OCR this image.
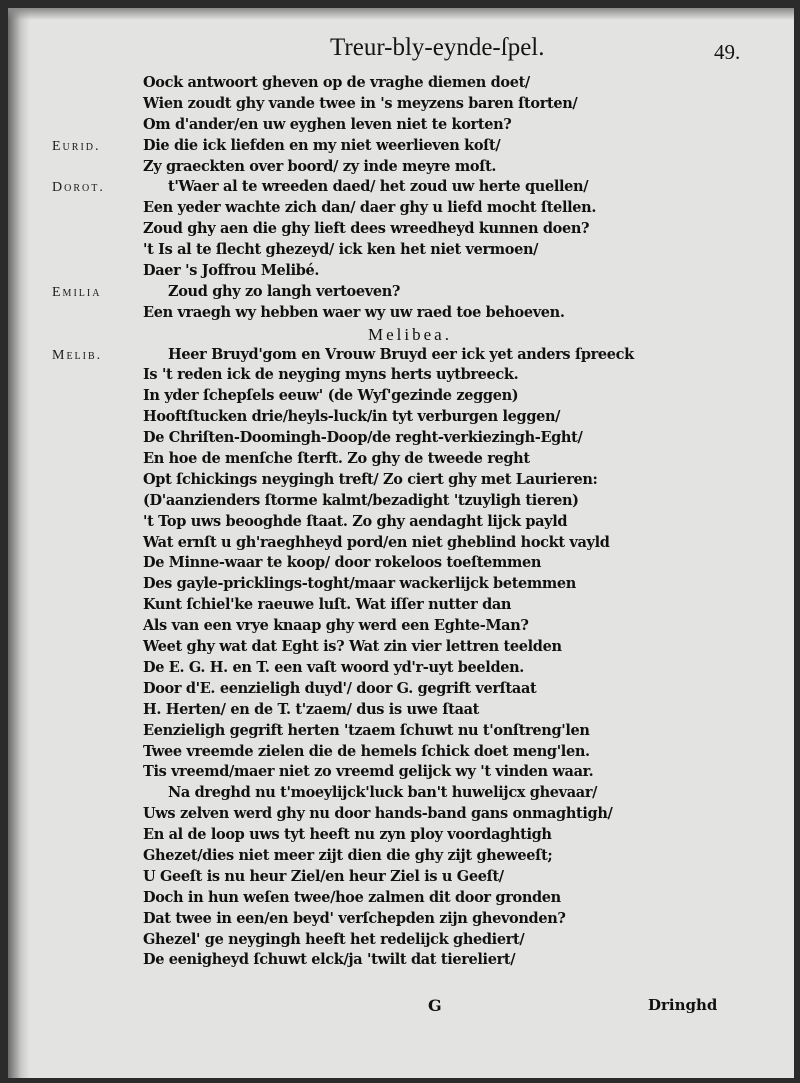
Treur-bly-eynde-ſpel.	49.
Oock antwoort gheven op de vraghe diemen doet/
Wien zoudt ghy vande twee in 's meyzens baren ſtorten/
Om d'ander/en uw eyghen leven niet te korten?
Eurid.	Die die ick liefden en my niet weerlieven koſt/
Zy graeckten over boord/ zy inde meyre moſt.
Dorot.	t'Waer al te wreeden daed/ het zoud uw herte quellen/
Een yeder wachte zich dan/ daer ghy u liefd mocht ſtellen.
Zoud ghy aen die ghy lieft dees wreedheyd kunnen doen?
't Is al te ſlecht ghezeyd/ ick ken het niet vermoen/
Daer 's Joffrou Melibé.
Emilia	Zoud ghy zo langh vertoeven?
Een vraegh wy hebben waer wy uw raed toe behoeven.
Melibea.
Melib.	Heer Bruyd'gom en Vrouw Bruyd eer ick yet anders ſpreeck
Is 't reden ick de neyging myns herts uytbreeck.
In yder ſchepſels eeuw' (de Wyſ'gezinde zeggen)
Hooftſtucken drie/heyls-luck/in tyt verburgen leggen/
De Chriſten-Doomingh-Doop/de reght-verkiezingh-Eght/
En hoe de menſche ſterft. Zo ghy de tweede reght
Opt ſchickings neygingh treft/ Zo ciert ghy met Laurieren:
(D'aanzienders ſtorme kalmt/bezadight 'tzuyligh tieren)
't Top uws beooghde ſtaat. Zo ghy aendaght lijck payld
Wat ernſt u gh'raeghheyd pord/en niet gheblind hockt vayld
De Minne-waar te koop/ door rokeloos toeſtemmen
Des gayle-pricklings-toght/maar wackerlijck betemmen
Kunt ſchiel'ke raeuwe luſt. Wat iſſer nutter dan
Als van een vrye knaap ghy werd een Eghte-Man?
Weet ghy wat dat Eght is? Wat zin vier lettren teelden
De E. G. H. en T. een vaſt woord yd'r-uyt beelden.
Door d'E. eenzieligh duyd'/ door G. gegrift verſtaat
H. Herten/ en de T. t'zaem/ dus is uwe ſtaat
Eenzieligh gegrift herten 'tzaem ſchuwt nu t'onſtreng'len
Twee vreemde zielen die de hemels ſchick doet meng'len.
Tis vreemd/maer niet zo vreemd gelijck wy 't vinden waar.
Na dreghd nu t'moeylijck'luck ban't huwelijcx ghevaar/
Uws zelven werd ghy nu door hands-band gans onmaghtigh/
En al de loop uws tyt heeft nu zyn ploy voordaghtigh
Ghezet/dies niet meer zijt dien die ghy zijt gheweeſt;
U Geeſt is nu heur Ziel/en heur Ziel is u Geeſt/
Doch in hun weſen twee/hoe zalmen dit door gronden
Dat twee in een/en beyd' verſchepden zijn ghevonden?
Ghezel' ge neygingh heeft het redelijck ghediert/
De eenigheyd ſchuwt elck/ja 'twilt dat tiereliert/
G	Dringhd
